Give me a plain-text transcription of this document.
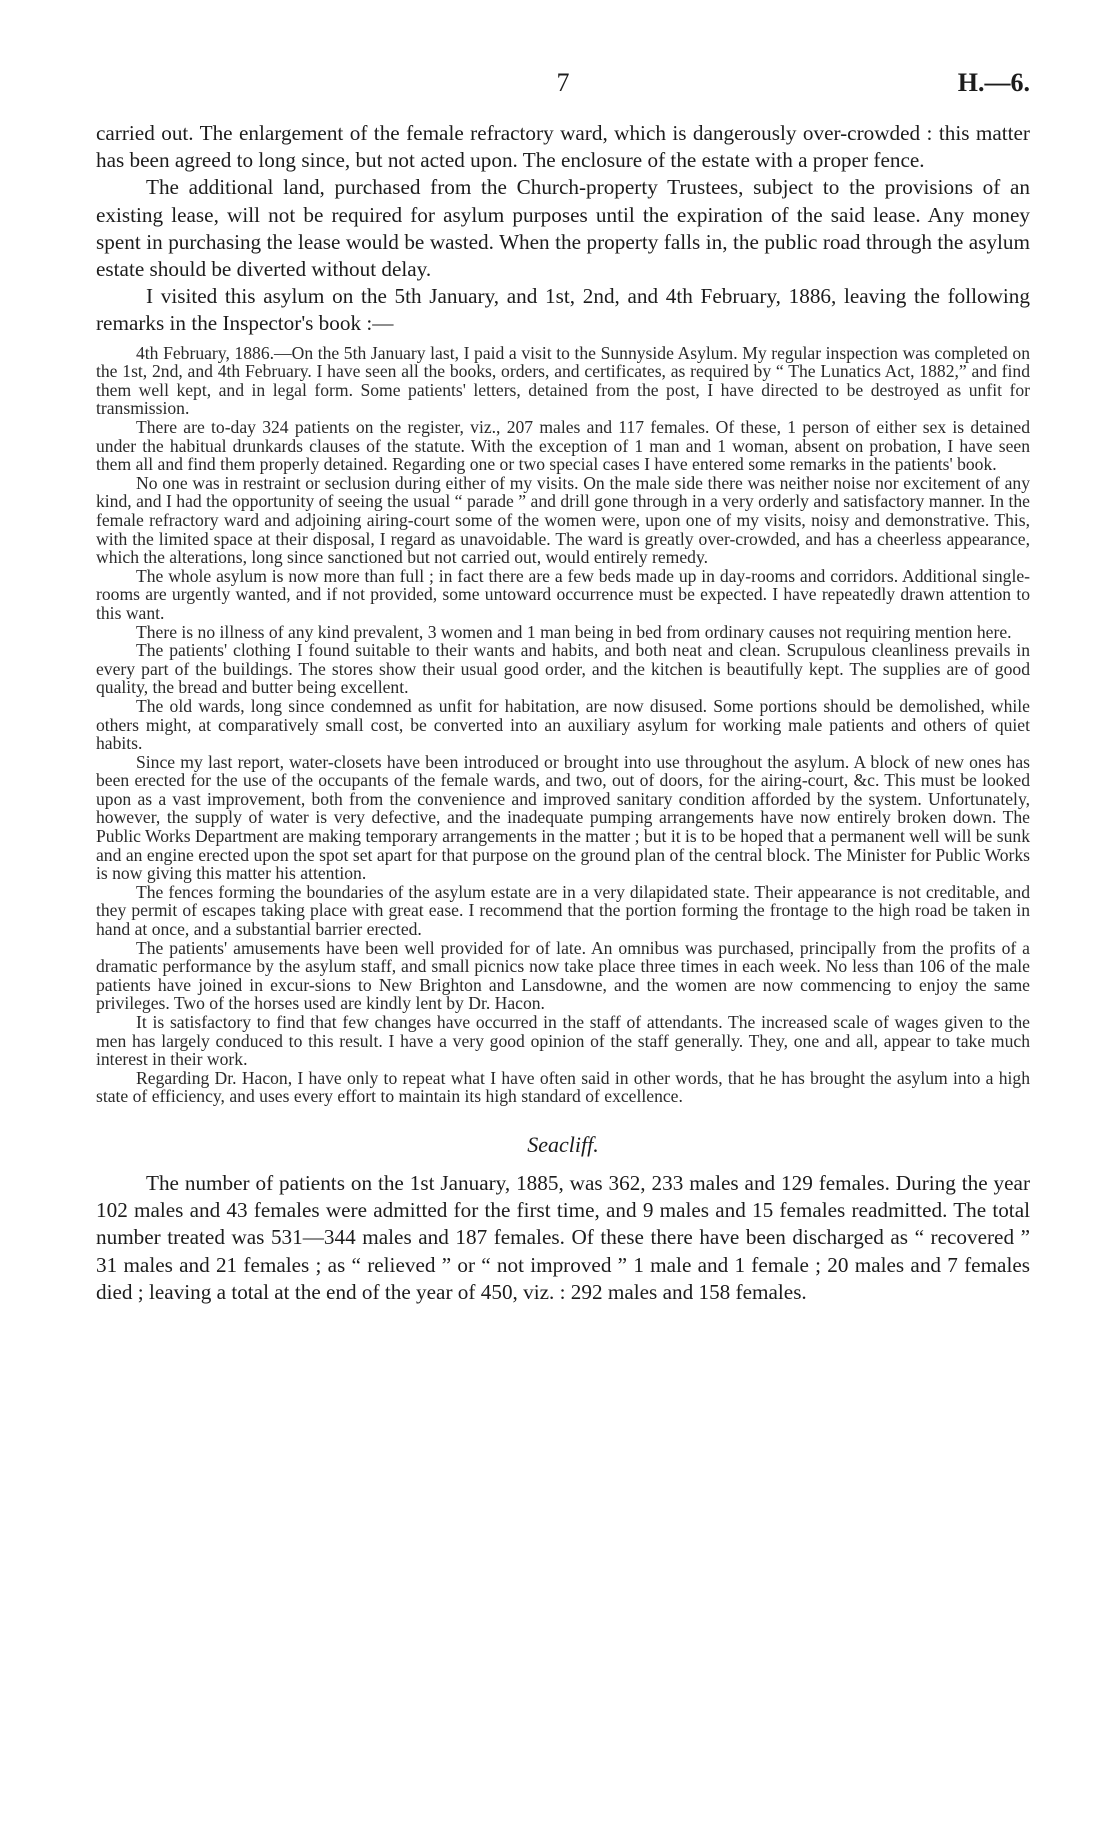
7	H.—6.

carried out. The enlargement of the female refractory ward, which is dangerously over-crowded : this matter has been agreed to long since, but not acted upon. The enclosure of the estate with a proper fence.

The additional land, purchased from the Church-property Trustees, subject to the provisions of an existing lease, will not be required for asylum purposes until the expiration of the said lease. Any money spent in purchasing the lease would be wasted. When the property falls in, the public road through the asylum estate should be diverted without delay.

I visited this asylum on the 5th January, and 1st, 2nd, and 4th February, 1886, leaving the following remarks in the Inspector's book :—

4th February, 1886.—On the 5th January last, I paid a visit to the Sunnyside Asylum. My regular inspection was completed on the 1st, 2nd, and 4th February. I have seen all the books, orders, and certificates, as required by “ The Lunatics Act, 1882,” and find them well kept, and in legal form. Some patients' letters, detained from the post, I have directed to be destroyed as unfit for transmission.

There are to-day 324 patients on the register, viz., 207 males and 117 females. Of these, 1 person of either sex is detained under the habitual drunkards clauses of the statute. With the exception of 1 man and 1 woman, absent on probation, I have seen them all and find them properly detained. Regarding one or two special cases I have entered some remarks in the patients' book.

No one was in restraint or seclusion during either of my visits. On the male side there was neither noise nor excitement of any kind, and I had the opportunity of seeing the usual “ parade ” and drill gone through in a very orderly and satisfactory manner. In the female refractory ward and adjoining airing-court some of the women were, upon one of my visits, noisy and demonstrative. This, with the limited space at their disposal, I regard as unavoidable. The ward is greatly over-crowded, and has a cheerless appearance, which the alterations, long since sanctioned but not carried out, would entirely remedy.

The whole asylum is now more than full ; in fact there are a few beds made up in day-rooms and corridors. Additional single-rooms are urgently wanted, and if not provided, some untoward occurrence must be expected. I have repeatedly drawn attention to this want.

There is no illness of any kind prevalent, 3 women and 1 man being in bed from ordinary causes not requiring mention here.

The patients' clothing I found suitable to their wants and habits, and both neat and clean. Scrupulous cleanliness prevails in every part of the buildings. The stores show their usual good order, and the kitchen is beautifully kept. The supplies are of good quality, the bread and butter being excellent.

The old wards, long since condemned as unfit for habitation, are now disused. Some portions should be demolished, while others might, at comparatively small cost, be converted into an auxiliary asylum for working male patients and others of quiet habits.

Since my last report, water-closets have been introduced or brought into use throughout the asylum. A block of new ones has been erected for the use of the occupants of the female wards, and two, out of doors, for the airing-court, &c. This must be looked upon as a vast improvement, both from the convenience and improved sanitary condition afforded by the system. Unfortunately, however, the supply of water is very defective, and the inadequate pumping arrangements have now entirely broken down. The Public Works Department are making temporary arrangements in the matter ; but it is to be hoped that a permanent well will be sunk and an engine erected upon the spot set apart for that purpose on the ground plan of the central block. The Minister for Public Works is now giving this matter his attention.

The fences forming the boundaries of the asylum estate are in a very dilapidated state. Their appearance is not creditable, and they permit of escapes taking place with great ease. I recommend that the portion forming the frontage to the high road be taken in hand at once, and a substantial barrier erected.

The patients' amusements have been well provided for of late. An omnibus was purchased, principally from the profits of a dramatic performance by the asylum staff, and small picnics now take place three times in each week. No less than 106 of the male patients have joined in excur-sions to New Brighton and Lansdowne, and the women are now commencing to enjoy the same privileges. Two of the horses used are kindly lent by Dr. Hacon.

It is satisfactory to find that few changes have occurred in the staff of attendants. The increased scale of wages given to the men has largely conduced to this result. I have a very good opinion of the staff generally. They, one and all, appear to take much interest in their work.

Regarding Dr. Hacon, I have only to repeat what I have often said in other words, that he has brought the asylum into a high state of efficiency, and uses every effort to maintain its high standard of excellence.

Seacliff.

The number of patients on the 1st January, 1885, was 362, 233 males and 129 females. During the year 102 males and 43 females were admitted for the first time, and 9 males and 15 females readmitted. The total number treated was 531—344 males and 187 females. Of these there have been discharged as “ recovered ” 31 males and 21 females ; as “ relieved ” or “ not improved ” 1 male and 1 female ; 20 males and 7 females died ; leaving a total at the end of the year of 450, viz. : 292 males and 158 females.
